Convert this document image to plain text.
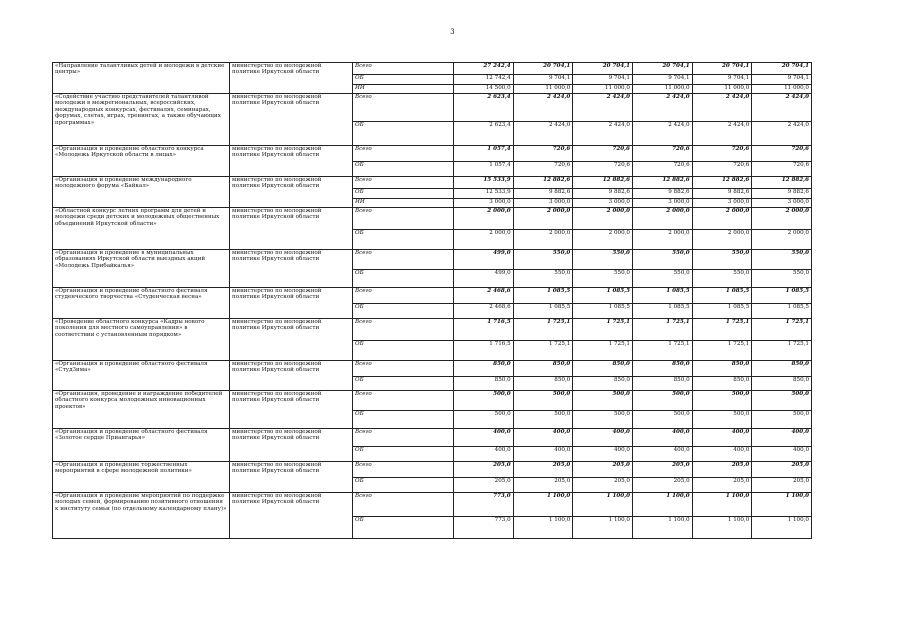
3
«Направление талантливых детей и молодежи в детские центры»	министерство по молодежной политике Иркутской области	Всего	27 242,4	20 704,1	20 704,1	20 704,1	20 704,1	20 704,1
		ОБ	12 742,4	9 704,1	9 704,1	9 704,1	9 704,1	9 704,1
		ИИ	14 500,0	11 000,0	11 000,0	11 000,0	11 000,0	11 000,0
«Содействие участию представителей талантливой молодежи в межрегиональных, всероссийских, международных конкурсах, фестивалях, семинарах, форумах, слетах, играх, тренингах, а также обучающих программах»	министерство по молодежной политике Иркутской области	Всего	2 623,4	2 424,0	2 424,0	2 424,0	2 424,0	2 424,0
		ОБ	2 623,4	2 424,0	2 424,0	2 424,0	2 424,0	2 424,0
«Организация и проведение областного конкурса «Молодежь Иркутской области в лицах»	министерство по молодежной политике Иркутской области	Всего	1 057,4	720,6	720,6	720,6	720,6	720,6
		ОБ	1 057,4	720,6	720,6	720,6	720,6	720,6
«Организация и проведение международного молодежного форума «Байкал»	министерство по молодежной политике Иркутской области	Всего	15 533,9	12 882,6	12 882,6	12 882,6	12 882,6	12 882,6
		ОБ	12 533,9	9 882,6	9 882,6	9 882,6	9 882,6	9 882,6
		ИИ	3 000,0	3 000,0	3 000,0	3 000,0	3 000,0	3 000,0
«Областной конкурс летних программ для детей и молодежи среди детских и молодежных общественных объединений Иркутской области»	министерство по молодежной политике Иркутской области	Всего	2 000,0	2 000,0	2 000,0	2 000,0	2 000,0	2 000,0
		ОБ	2 000,0	2 000,0	2 000,0	2 000,0	2 000,0	2 000,0
«Организация и проведение в муниципальных образованиях Иркутской области выездных акций «Молодежь Прибайкалья»	министерство по молодежной политике Иркутской области	Всего	499,0	550,0	550,0	550,0	550,0	550,0
		ОБ	499,0	550,0	550,0	550,0	550,0	550,0
«Организация и проведение областного фестиваля студенческого творчества «Студенческая весна»	министерство по молодежной политике Иркутской области	Всего	2 468,6	1 085,5	1 085,5	1 085,5	1 085,5	1 085,5
		ОБ	2 468,6	1 085,5	1 085,5	1 085,5	1 085,5	1 085,5
«Проведение областного конкурса «Кадры нового поколения для местного самоуправления» в соответствии с установленным порядком»	министерство по молодежной политике Иркутской области	Всего	1 716,5	1 725,1	1 725,1	1 725,1	1 725,1	1 725,1
		ОБ	1 716,5	1 725,1	1 725,1	1 725,1	1 725,1	1 725,1
«Организация и проведение областного фестиваля «СтудЗима»	министерство по молодежной политике Иркутской области	Всего	850,0	850,0	850,0	850,0	850,0	850,0
		ОБ	850,0	850,0	850,0	850,0	850,0	850,0
«Организация, проведение и награждение победителей областного конкурса молодежных инновационных проектов»	министерство по молодежной политике Иркутской области	Всего	500,0	500,0	500,0	500,0	500,0	500,0
		ОБ	500,0	500,0	500,0	500,0	500,0	500,0
«Организация и проведение областного фестиваля «Золотое сердце Приангарья»	министерство по молодежной политике Иркутской области	Всего	400,0	400,0	400,0	400,0	400,0	400,0
		ОБ	400,0	400,0	400,0	400,0	400,0	400,0
«Организация и проведение торжественных мероприятий в сфере молодежной политики»	министерство по молодежной политике Иркутской области	Всего	205,0	205,0	205,0	205,0	205,0	205,0
		ОБ	205,0	205,0	205,0	205,0	205,0	205,0
«Организация и проведение мероприятий по поддержке молодых семей, формированию позитивного отношения к институту семьи (по отдельному календарному плану)»	министерство по молодежной политике Иркутской области	Всего	773,0	1 100,0	1 100,0	1 100,0	1 100,0	1 100,0
		ОБ	773,0	1 100,0	1 100,0	1 100,0	1 100,0	1 100,0
